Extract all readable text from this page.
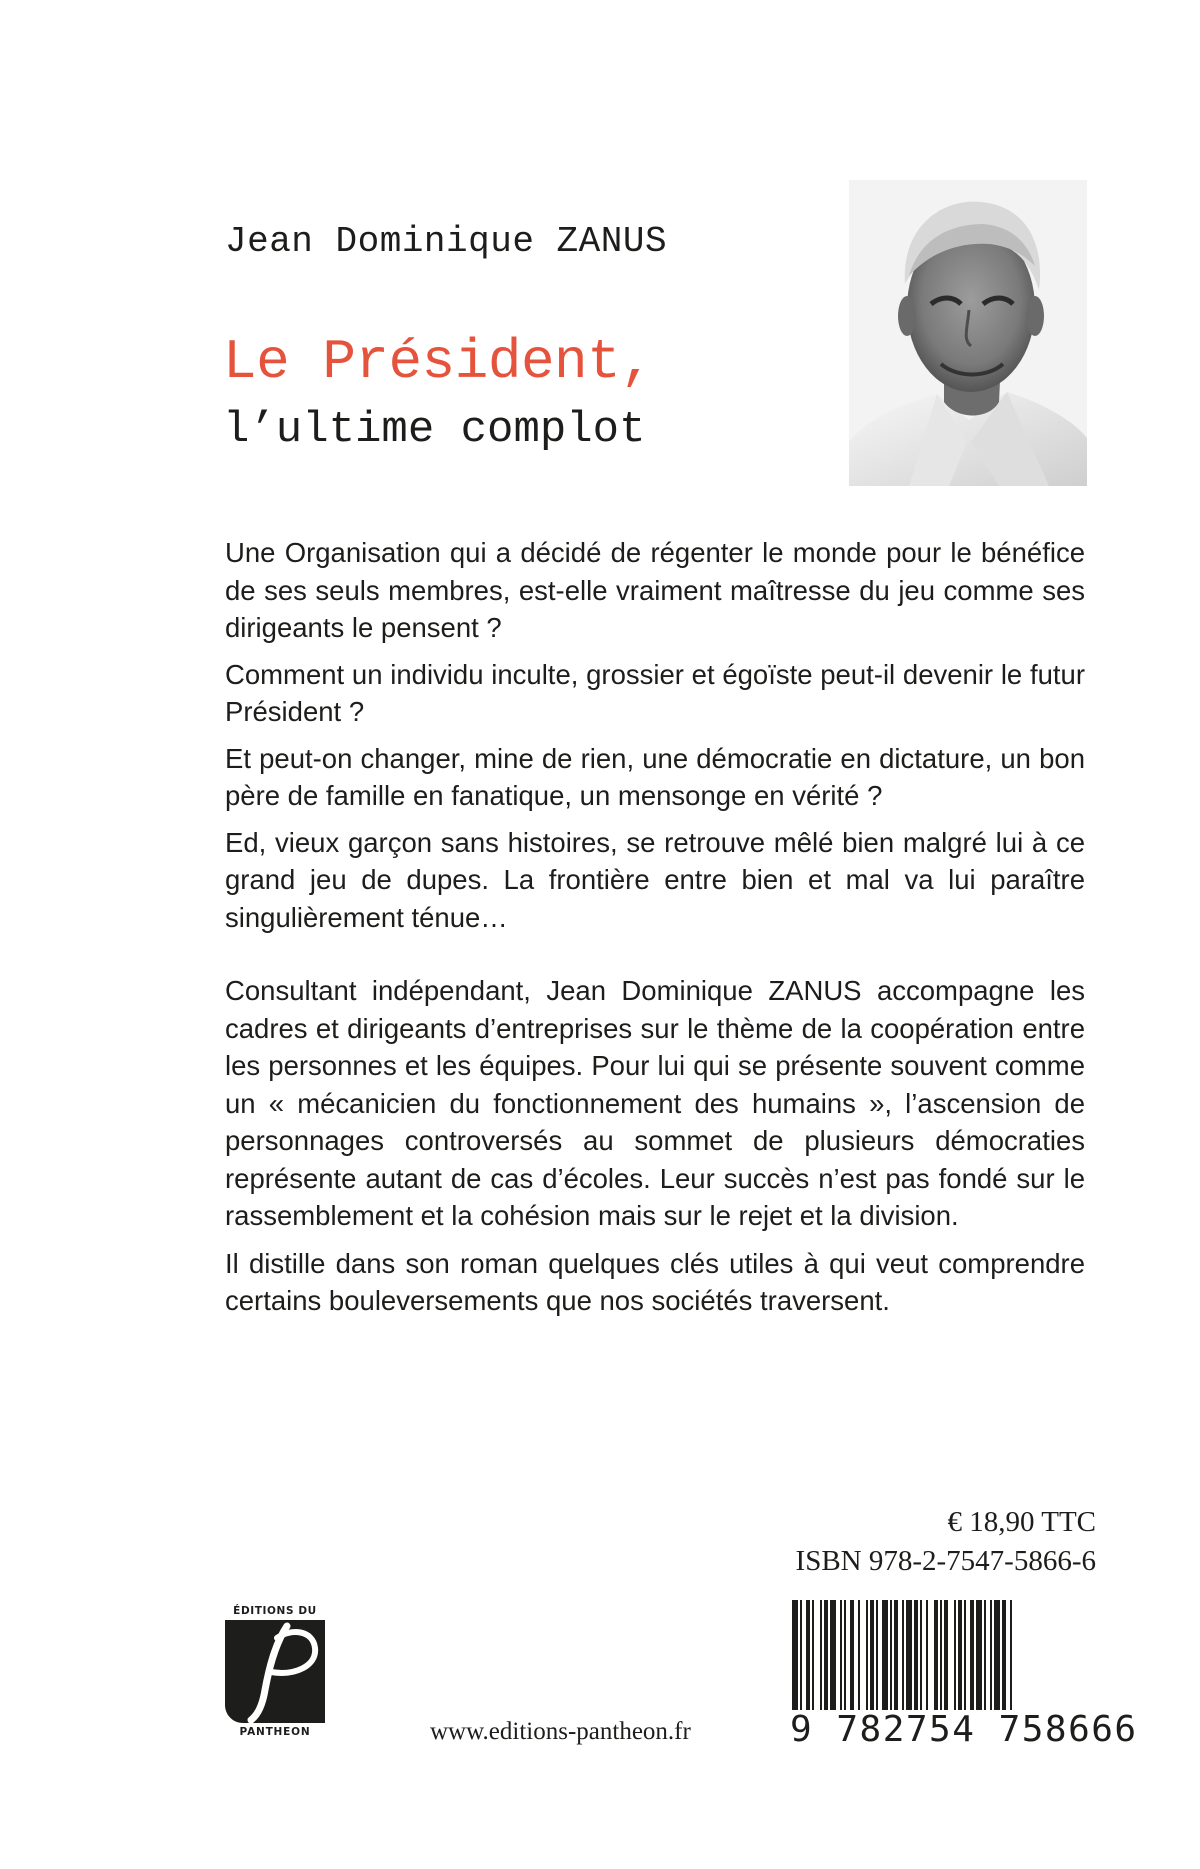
Jean Dominique ZANUS
Le Président,
l’ultime complot

Une Organisation qui a décidé de régenter le monde pour le bénéfice de ses seuls membres, est-elle vraiment maîtresse du jeu comme ses dirigeants le pensent ?

Comment un individu inculte, grossier et égoïste peut-il devenir le futur Président ?

Et peut-on changer, mine de rien, une démocratie en dictature, un bon père de famille en fanatique, un mensonge en vérité ?

Ed, vieux garçon sans histoires, se retrouve mêlé bien malgré lui à ce grand jeu de dupes. La frontière entre bien et mal va lui paraître singulièrement ténue…

Consultant indépendant, Jean Dominique ZANUS accompagne les cadres et dirigeants d’entreprises sur le thème de la coopération entre les personnes et les équipes. Pour lui qui se présente souvent comme un « mécanicien du fonctionnement des humains », l’ascension de personnages controversés au sommet de plusieurs démocraties représente autant de cas d’écoles. Leur succès n’est pas fondé sur le rassemblement et la cohésion mais sur le rejet et la division.

Il distille dans son roman quelques clés utiles à qui veut comprendre certains bouleversements que nos sociétés traversent.

ÉDITIONS DU
PANTHEON	www.editions-pantheon.fr
€ 18,90 TTC
ISBN 978-2-7547-5866-6
9 782754 758666
